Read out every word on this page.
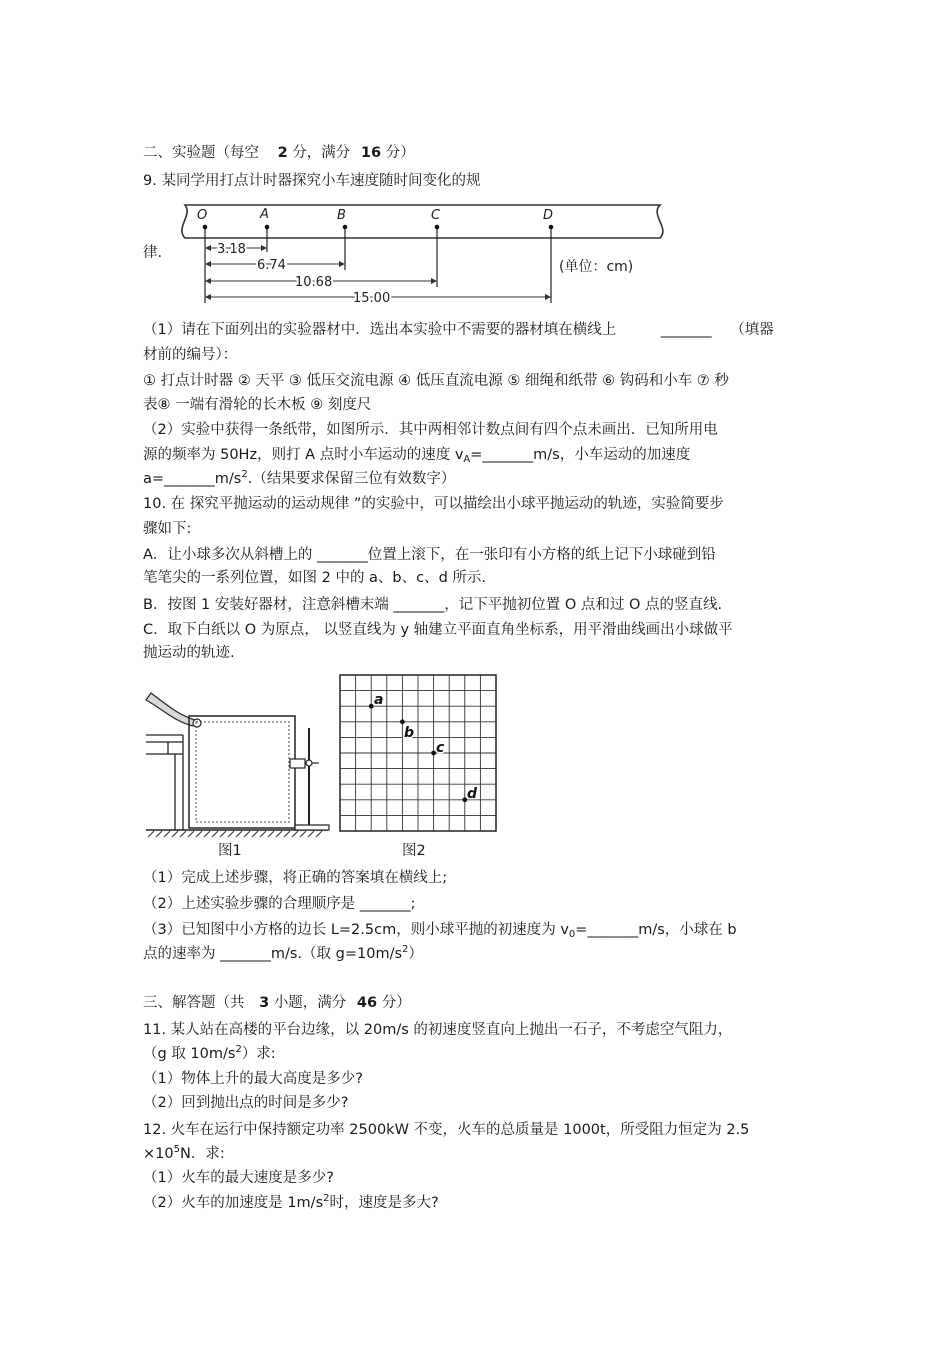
二、实验题（每空 2 分，满分 16 分）
9. 某同学用打点计时器探究小车速度随时间变化的规
律.
O	A	B	C	D
3.18
6.74
10.68
15.00
(单位：cm)
（1）请在下面列出的实验器材中．选出本实验中不需要的器材填在横线上	_______ （填器
材前的编号）：
① 打点计时器 ② 天平 ③ 低压交流电源 ④ 低压直流电源 ⑤ 细绳和纸带 ⑥ 钩码和小车 ⑦ 秒
表⑧ 一端有滑轮的长木板 ⑨ 刻度尺
（2）实验中获得一条纸带，如图所示．其中两相邻计数点间有四个点未画出．已知所用电
源的频率为 50Hz，则打 A 点时小车运动的速度 $v_A=\_\_\_\_\_\_\_m/s$，小车运动的加速度
$a=\_\_\_\_\_\_\_m/s^2$.（结果要求保留三位有效数字）
10. 在 探究平抛运动的运动规律 ”的实验中，可以描绘出小球平抛运动的轨迹，实验简要步
骤如下:
A．让小球多次从斜槽上的 _______位置上滚下，在一张印有小方格的纸上记下小球碰到铅
笔笔尖的一系列位置，如图 2 中的 a、b、c、d 所示.
B．按图 1 安装好器材，注意斜槽末端 _______，记下平抛初位置 O 点和过 O 点的竖直线.
C．取下白纸以 O 为原点， 以竖直线为 y 轴建立平面直角坐标系，用平滑曲线画出小球做平
抛运动的轨迹.
图1
a
b
c
d
图2
（1）完成上述步骤，将正确的答案填在横线上;
（2）上述实验步骤的合理顺序是 _______;
（3）已知图中小方格的边长 L=2.5cm，则小球平抛的初速度为 $v_0=\_\_\_\_\_\_\_m/s$，小球在 b
点的速率为 _______m/s.（取 $g=10m/s^2$）
三、解答题（共 3 小题，满分 46 分）
11. 某人站在高楼的平台边缘，以 20m/s 的初速度竖直向上抛出一石子，不考虑空气阻力，
（g 取 $10m/s^2$）求:
（1）物体上升的最大高度是多少?
（2）回到抛出点的时间是多少?
12. 火车在运行中保持额定功率 2500kW 不变，火车的总质量是 1000t，所受阻力恒定为 2.5
$\times 10^5N$．求:
（1）火车的最大速度是多少?
（2）火车的加速度是 $1m/s^2$时，速度是多大?
